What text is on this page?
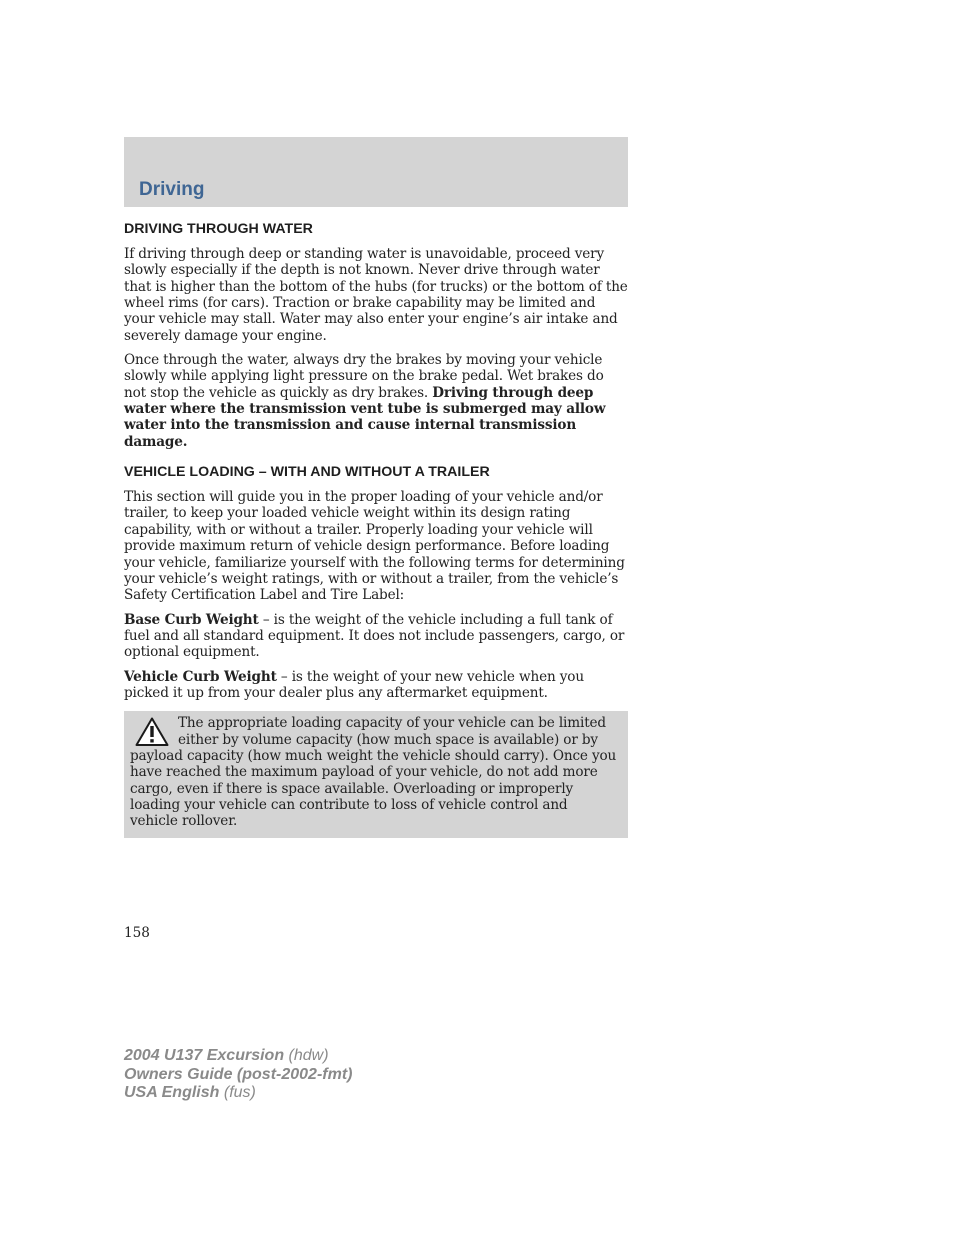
Driving
DRIVING THROUGH WATER

If driving through deep or standing water is unavoidable, proceed very slowly especially if the depth is not known. Never drive through water that is higher than the bottom of the hubs (for trucks) or the bottom of the wheel rims (for cars). Traction or brake capability may be limited and your vehicle may stall. Water may also enter your engine’s air intake and severely damage your engine.

Once through the water, always dry the brakes by moving your vehicle slowly while applying light pressure on the brake pedal. Wet brakes do not stop the vehicle as quickly as dry brakes. Driving through deep water where the transmission vent tube is submerged may allow water into the transmission and cause internal transmission damage.

VEHICLE LOADING – WITH AND WITHOUT A TRAILER

This section will guide you in the proper loading of your vehicle and/or trailer, to keep your loaded vehicle weight within its design rating capability, with or without a trailer. Properly loading your vehicle will provide maximum return of vehicle design performance. Before loading your vehicle, familiarize yourself with the following terms for determining your vehicle’s weight ratings, with or without a trailer, from the vehicle’s Safety Certification Label and Tire Label:

Base Curb Weight – is the weight of the vehicle including a full tank of fuel and all standard equipment. It does not include passengers, cargo, or optional equipment.

Vehicle Curb Weight – is the weight of your new vehicle when you picked it up from your dealer plus any aftermarket equipment.

The appropriate loading capacity of your vehicle can be limited either by volume capacity (how much space is available) or by payload capacity (how much weight the vehicle should carry). Once you have reached the maximum payload of your vehicle, do not add more cargo, even if there is space available. Overloading or improperly loading your vehicle can contribute to loss of vehicle control and vehicle rollover.
158
2004 U137 Excursion (hdw)
Owners Guide (post-2002-fmt)
USA English (fus)
